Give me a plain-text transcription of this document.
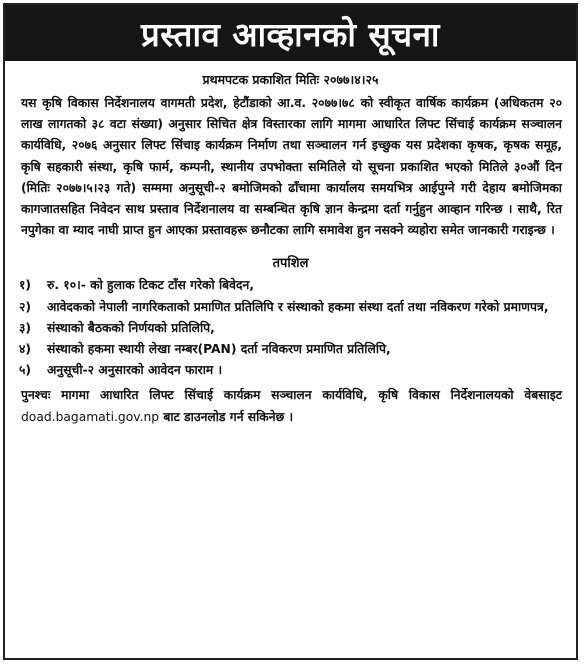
प्रस्ताव आव्हानको सूचना
प्रथमपटक प्रकाशित मितिः २०७७।४।२५
यस कृषि विकास निर्देशनालय वागमती प्रदेश, हेटौंडाको आ.व. २०७७।७८ को स्वीकृत वार्षिक कार्यक्रम (अधिकतम २० लाख लागतको ३८ वटा संख्या) अनुसार सिचित क्षेत्र विस्तारका लागि मागमा आधारित लिफ्ट सिंचाई कार्यक्रम सञ्चालन कार्यविधि, २०७६ अनुसार लिफ्ट सिंचाइ कार्यक्रम निर्माण तथा सञ्चालन गर्न इच्छुक यस प्रदेशका कृषक, कृषक समूह, कृषि सहकारी संस्था, कृषि फार्म, कम्पनी, स्थानीय उपभोक्ता समितिले यो सूचना प्रकाशित भएको मितिले ३०औं दिन (मितिः २०७७।५।२३ गते) सम्ममा अनुसूची-२ बमोजिमको ढाँचामा कार्यालय समयभित्र आईपुग्ने गरी देहाय बमोजिमका कागजातसहित निवेदन साथ प्रस्ताव निर्देशनालय वा सम्बन्धित कृषि ज्ञान केन्द्रमा दर्ता गर्नुहुन आव्हान गरिन्छ । साथै, रित नपुगेका वा म्याद नाघी प्राप्त हुन आएका प्रस्तावहरू छनौटका लागि समावेश हुन नसक्ने व्यहोरा समेत जानकारी गराइन्छ ।
तपशिल
१)	रु. १०।- को हुलाक टिकट टाँस गरेको बिवेदन,
२)	आवेदकको नेपाली नागरिकताको प्रमाणित प्रतिलिपि र संस्थाको हकमा संस्था दर्ता तथा नविकरण गरेको प्रमाणपत्र,
३)	संस्थाको बैठकको निर्णयको प्रतिलिपि,
४)	संस्थाको हकमा स्थायी लेखा नम्बर(PAN) दर्ता नविकरण प्रमाणित प्रतिलिपि,
५)	अनुसूची-२ अनुसारको आवेदन फाराम ।
पुनश्चः मागमा आधारित लिफ्ट सिंचाई कार्यक्रम सञ्चालन कार्यविधि, कृषि विकास निर्देशनालयको वेबसाइट doad.bagamati.gov.np बाट डाउनलोड गर्न सकिनेछ ।
